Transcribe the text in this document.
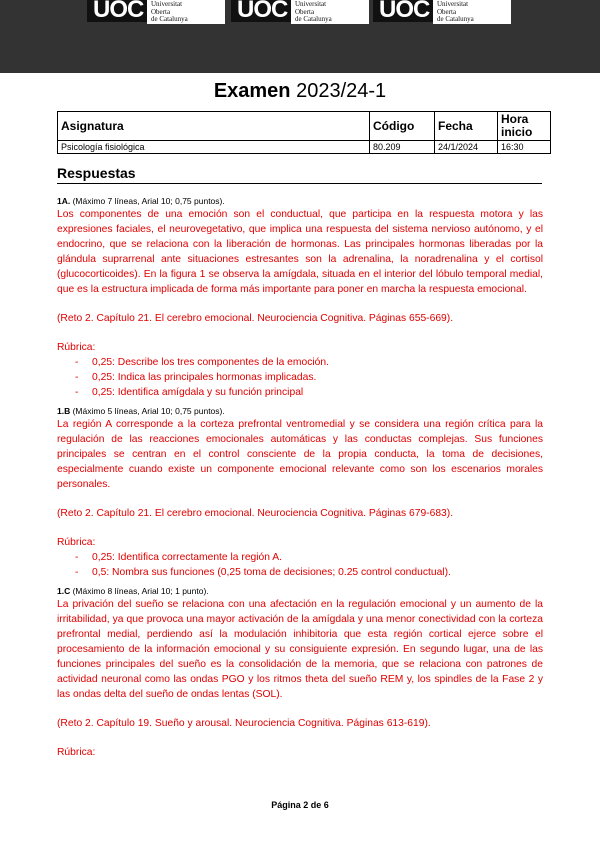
UOC	Universitat
Oberta
de Catalunya	UOC	Universitat
Oberta
de Catalunya	UOC	Universitat
Oberta
de Catalunya
Examen 2023/24-1
Asignatura	Código	Fecha	Hora inicio
Psicología fisiológica	80.209	24/1/2024	16:30
Respuestas

1A. (Máximo 7 líneas, Arial 10; 0,75 puntos).

Los componentes de una emoción son el conductual, que participa en la respuesta motora y las expresiones faciales, el neurovegetativo, que implica una respuesta del sistema nervioso autónomo, y el endocrino, que se relaciona con la liberación de hormonas. Las principales hormonas liberadas por la glándula suprarrenal ante situaciones estresantes son la adrenalina, la noradrenalina y el cortisol (glucocorticoides). En la figura 1 se observa la amígdala, situada en el interior del lóbulo temporal medial, que es la estructura implicada de forma más importante para poner en marcha la respuesta emocional.

(Reto 2. Capítulo 21. El cerebro emocional. Neurociencia Cognitiva. Páginas 655-669).

Rúbrica:

- 0,25: Describe los tres componentes de la emoción.
- 0,25: Indica las principales hormonas implicadas.
- 0,25: Identifica amígdala y su función principal

1.B (Máximo 5 líneas, Arial 10; 0,75 puntos).

La región A corresponde a la corteza prefrontal ventromedial y se considera una región crítica para la regulación de las reacciones emocionales automáticas y las conductas complejas. Sus funciones principales se centran en el control consciente de la propia conducta, la toma de decisiones, especialmente cuando existe un componente emocional relevante como son los escenarios morales personales.

(Reto 2. Capítulo 21. El cerebro emocional. Neurociencia Cognitiva. Páginas 679-683).

Rúbrica:

- 0,25: Identifica correctamente la región A.
- 0,5: Nombra sus funciones (0,25 toma de decisiones; 0.25 control conductual).

1.C (Máximo 8 líneas, Arial 10; 1 punto).

La privación del sueño se relaciona con una afectación en la regulación emocional y un aumento de la irritabilidad, ya que provoca una mayor activación de la amígdala y una menor conectividad con la corteza prefrontal medial, perdiendo así la modulación inhibitoria que esta región cortical ejerce sobre el procesamiento de la información emocional y su consiguiente expresión. En segundo lugar, una de las funciones principales del sueño es la consolidación de la memoria, que se relaciona con patrones de actividad neuronal como las ondas PGO y los ritmos theta del sueño REM y, los spindles de la Fase 2 y las ondas delta del sueño de ondas lentas (SOL).

(Reto 2. Capítulo 19. Sueño y arousal. Neurociencia Cognitiva. Páginas 613-619).

Rúbrica:

Página 2 de 6
